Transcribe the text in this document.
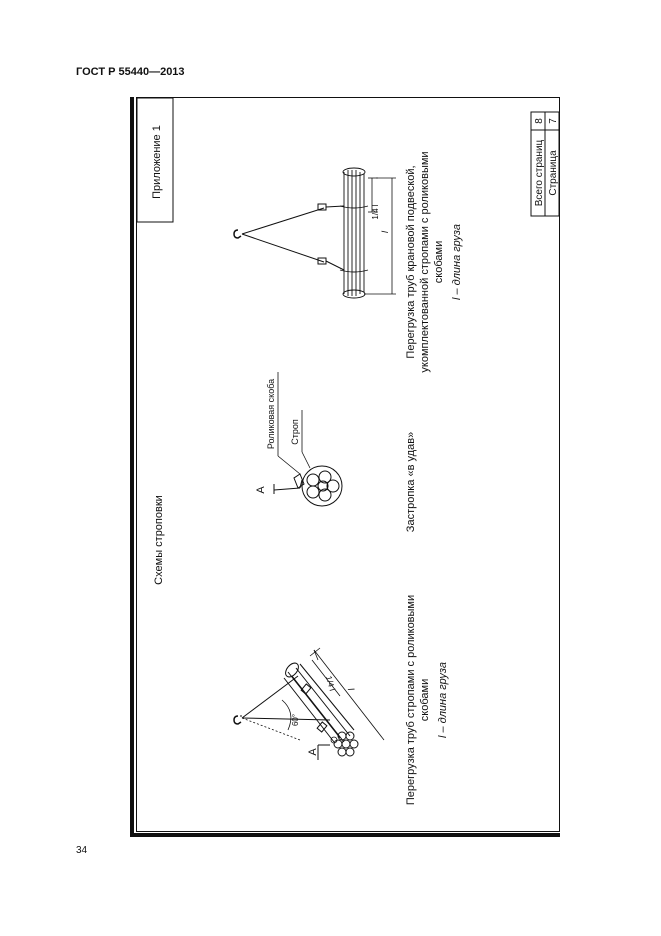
ГОСТ Р 55440—2013
34
Приложение 1
Схемы строповки
60°
1/4 l l
А	Перегрузка труб стропами с роликовыми скобами l – длина груза
А
Роликовая скоба Строп	Застропка «в удав»
1/4 l
l Перегрузка труб крановой подвеской, укомплектованной стропами с роликовыми скобами l – длина груза
Всего страниц Страница
8 7
